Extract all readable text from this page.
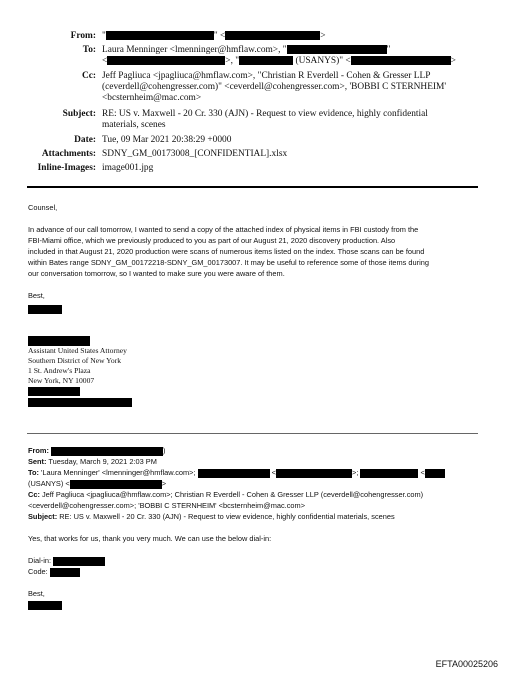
From: "	" <	>
To: Laura Menninger <lmenninger@hmflaw.com>, "	"
<	>, "	(USANYS)" <	>
Cc: Jeff Pagliuca <jpagliuca@hmflaw.com>, "Christian R Everdell - Cohen & Gresser LLP
(ceverdell@cohengresser.com)" <ceverdell@cohengresser.com>, 'BOBBI C STERNHEIM'
<bcsternheim@mac.com>
Subject: RE: US v. Maxwell - 20 Cr. 330 (AJN) - Request to view evidence, highly confidential
materials, scenes
Date: Tue, 09 Mar 2021 20:38:29 +0000
Attachments: SDNY_GM_00173008_[CONFIDENTIAL].xlsx
Inline-Images: image001.jpg

Counsel,

In advance of our call tomorrow, I wanted to send a copy of the attached index of physical items in FBI custody from the

FBI-Miami office, which we previously produced to you as part of our August 21, 2020 discovery production. Also

included in that August 21, 2020 production were scans of numerous items listed on the index. Those scans can be found

within Bates range SDNY_GM_00172218-SDNY_GM_00173007. It may be useful to reference some of those items during

our conversation tomorrow, so I wanted to make sure you were aware of them.

Best,

Assistant United States Attorney

Southern District of New York

1 St. Andrew's Plaza

New York, NY 10007

From:	)

Sent: Tuesday, March 9, 2021 2:03 PM

To: 'Laura Menninger' <lmenninger@hmflaw.com>;	<	>;	<

(USANYS) <	>

Cc: Jeff Pagliuca <jpagliuca@hmflaw.com>; Christian R Everdell - Cohen & Gresser LLP (ceverdell@cohengresser.com)

<ceverdell@cohengresser.com>; 'BOBBI C STERNHEIM' <bcsternheim@mac.com>

Subject: RE: US v. Maxwell - 20 Cr. 330 (AJN) - Request to view evidence, highly confidential materials, scenes

Yes, that works for us, thank you very much. We can use the below dial-in:

Dial-in:

Code:

Best,

EFTA00025206
